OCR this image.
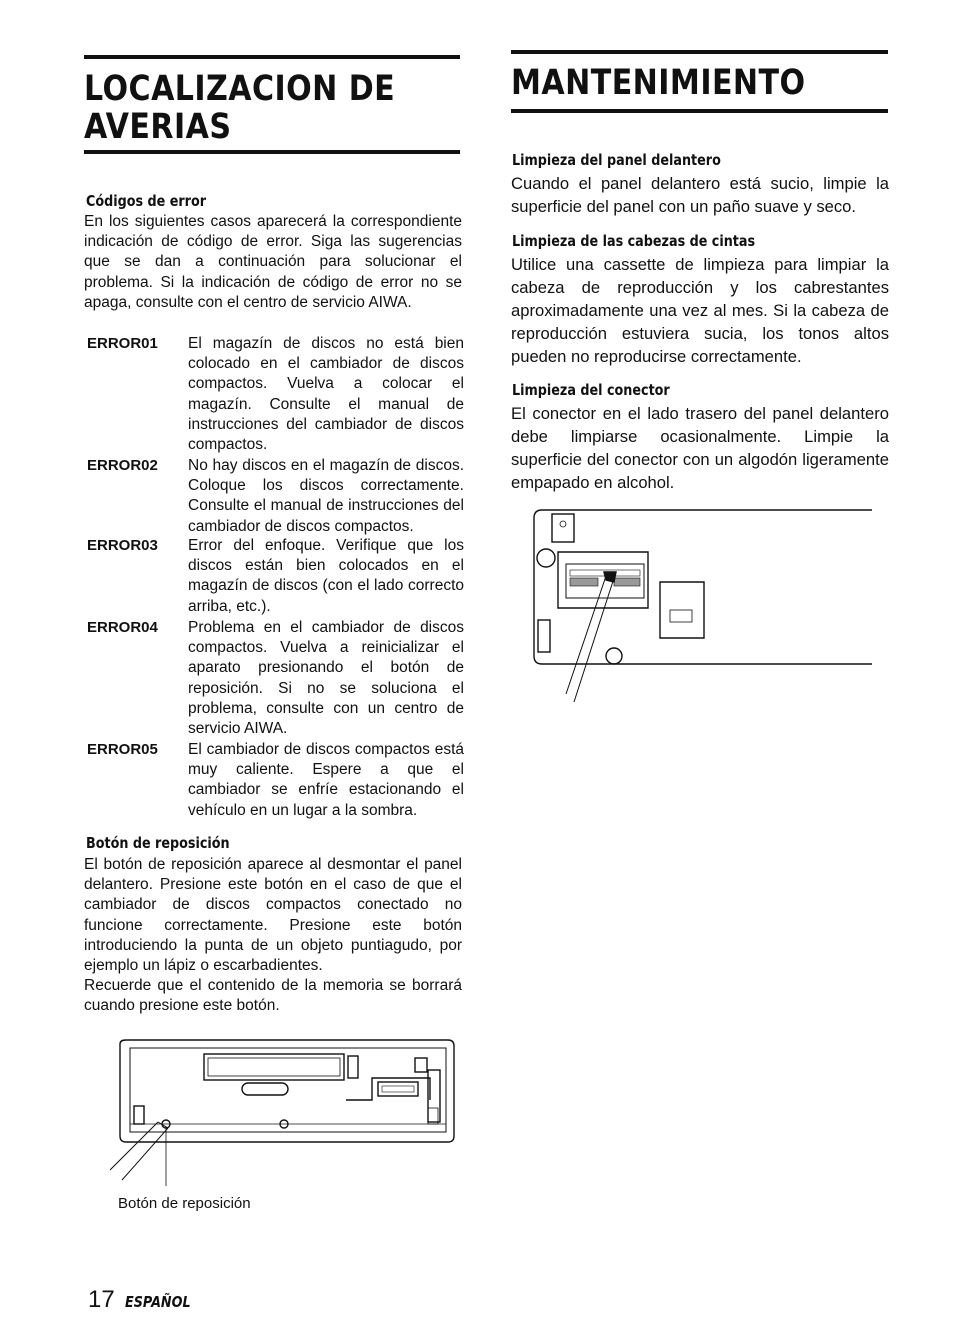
LOCALIZACION DE
AVERIAS
Códigos de error

En los siguientes casos aparecerá la correspondiente indicación de código de error. Siga las sugerencias que se dan a continuación para solucionar el problema. Si la indicación de código de error no se apaga, consulte con el centro de servicio AIWA.

ERROR01 El magazín de discos no está bien colocado en el cambiador de discos compactos. Vuelva a colocar el magazín. Consulte el manual de instrucciones del cambiador de discos compactos.

ERROR02 No hay discos en el magazín de discos. Coloque los discos correctamente. Consulte el manual de instrucciones del cambiador de discos compactos.

ERROR03 Error del enfoque. Verifique que los discos están bien colocados en el magazín de discos (con el lado correcto arriba, etc.).

ERROR04 Problema en el cambiador de discos compactos. Vuelva a reinicializar el aparato presionando el botón de reposición. Si no se soluciona el problema, consulte con un centro de servicio AIWA.

ERROR05 El cambiador de discos compactos está muy caliente. Espere a que el cambiador se enfríe estacionando el vehículo en un lugar a la sombra.

Botón de reposición

El botón de reposición aparece al desmontar el panel delantero. Presione este botón en el caso de que el cambiador de discos compactos conectado no funcione correctamente. Presione este botón introduciendo la punta de un objeto puntiagudo, por ejemplo un lápiz o escarbadientes.

Recuerde que el contenido de la memoria se borrará cuando presione este botón.

Botón de reposición
MANTENIMIENTO
Limpieza del panel delantero

Cuando el panel delantero está sucio, limpie la superficie del panel con un paño suave y seco.

Limpieza de las cabezas de cintas

Utilice una cassette de limpieza para limpiar la cabeza de reproducción y los cabrestantes aproximadamente una vez al mes. Si la cabeza de reproducción estuviera sucia, los tonos altos pueden no reproducirse correctamente.

Limpieza del conector

El conector en el lado trasero del panel delantero debe limpiarse ocasionalmente. Limpie la superficie del conector con un algodón ligeramente empapado en alcohol.

17 ESPAÑOL
